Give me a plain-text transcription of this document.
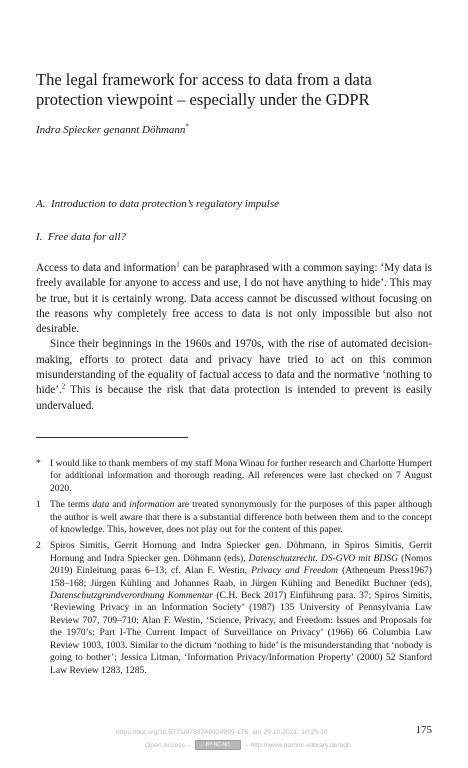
The legal framework for access to data from a data protection viewpoint – especially under the GDPR
Indra Spiecker genannt Döhmann*
A. Introduction to data protection’s regulatory impulse
I. Free data for all?

Access to data and information$^1$ can be paraphrased with a common saying: ‘My data is freely available for anyone to access and use, I do not have anything to hide’. This may be true, but it is certainly wrong. Data access cannot be discussed without focusing on the reasons why completely free access to data is not only impossible but also not desirable.

Since their beginnings in the 1960s and 1970s, with the rise of automated decision-making, efforts to protect data and privacy have tried to act on this common misunderstanding of the equality of factual access to data and the normative ‘nothing to hide’.$^2$ This is because the risk that data protection is intended to prevent is easily undervalued.

* I would like to thank members of my staff Mona Winau for further research and Charlotte Humpert for additional information and thorough reading. All references were last checked on 7 August 2020.
1 The terms data and information are treated synonymously for the purposes of this paper although the author is well aware that there is a substantial difference both between them and to the concept of knowledge. This, however, does not play out for the content of this paper.
2 Spiros Simitis, Gerrit Hornung and Indra Spiecker gen. Döhmann, in Spiros Simitis, Gerrit Hornung and Indra Spiecker gen. Döhmann (eds), Datenschutzrecht. DS-GVO mit BDSG (Nomos 2019) Einleitung paras 6–13; cf. Alan F. Westin, Privacy and Freedom (Atheneum Press1967) 158–168; Jürgen Kühling and Johannes Raab, in Jürgen Kühling and Benedikt Buchner (eds), Datenschutzgrundverordnung Kommentar (C.H. Beck 2017) Einführung para. 37; Spiros Simitis, ‘Reviewing Privacy in an Information Society’ (1987) 135 University of Pennsylvania Law Review 707, 709–710; Alan F. Westin, ‘Science, Privacy, and Freedom: Issues and Proposals for the 1970’s: Part I-The Current Impact of Surveillance on Privacy’ (1966) 66 Columbia Law Review 1003, 1003. Similar to the dictum ‘nothing to hide’ is the misunderstanding that ‘nobody is going to bother’; Jessica Litman, ‘Information Privacy/Information Property’ (2000) 52 Stanford Law Review 1283, 1285.
175
https://doi.org/10.5771/9783748924999-175, am 29.10.2021, 10:20:10
Open Access –	BY-NC-ND	– http://www.nomos-elibrary.de/agb
